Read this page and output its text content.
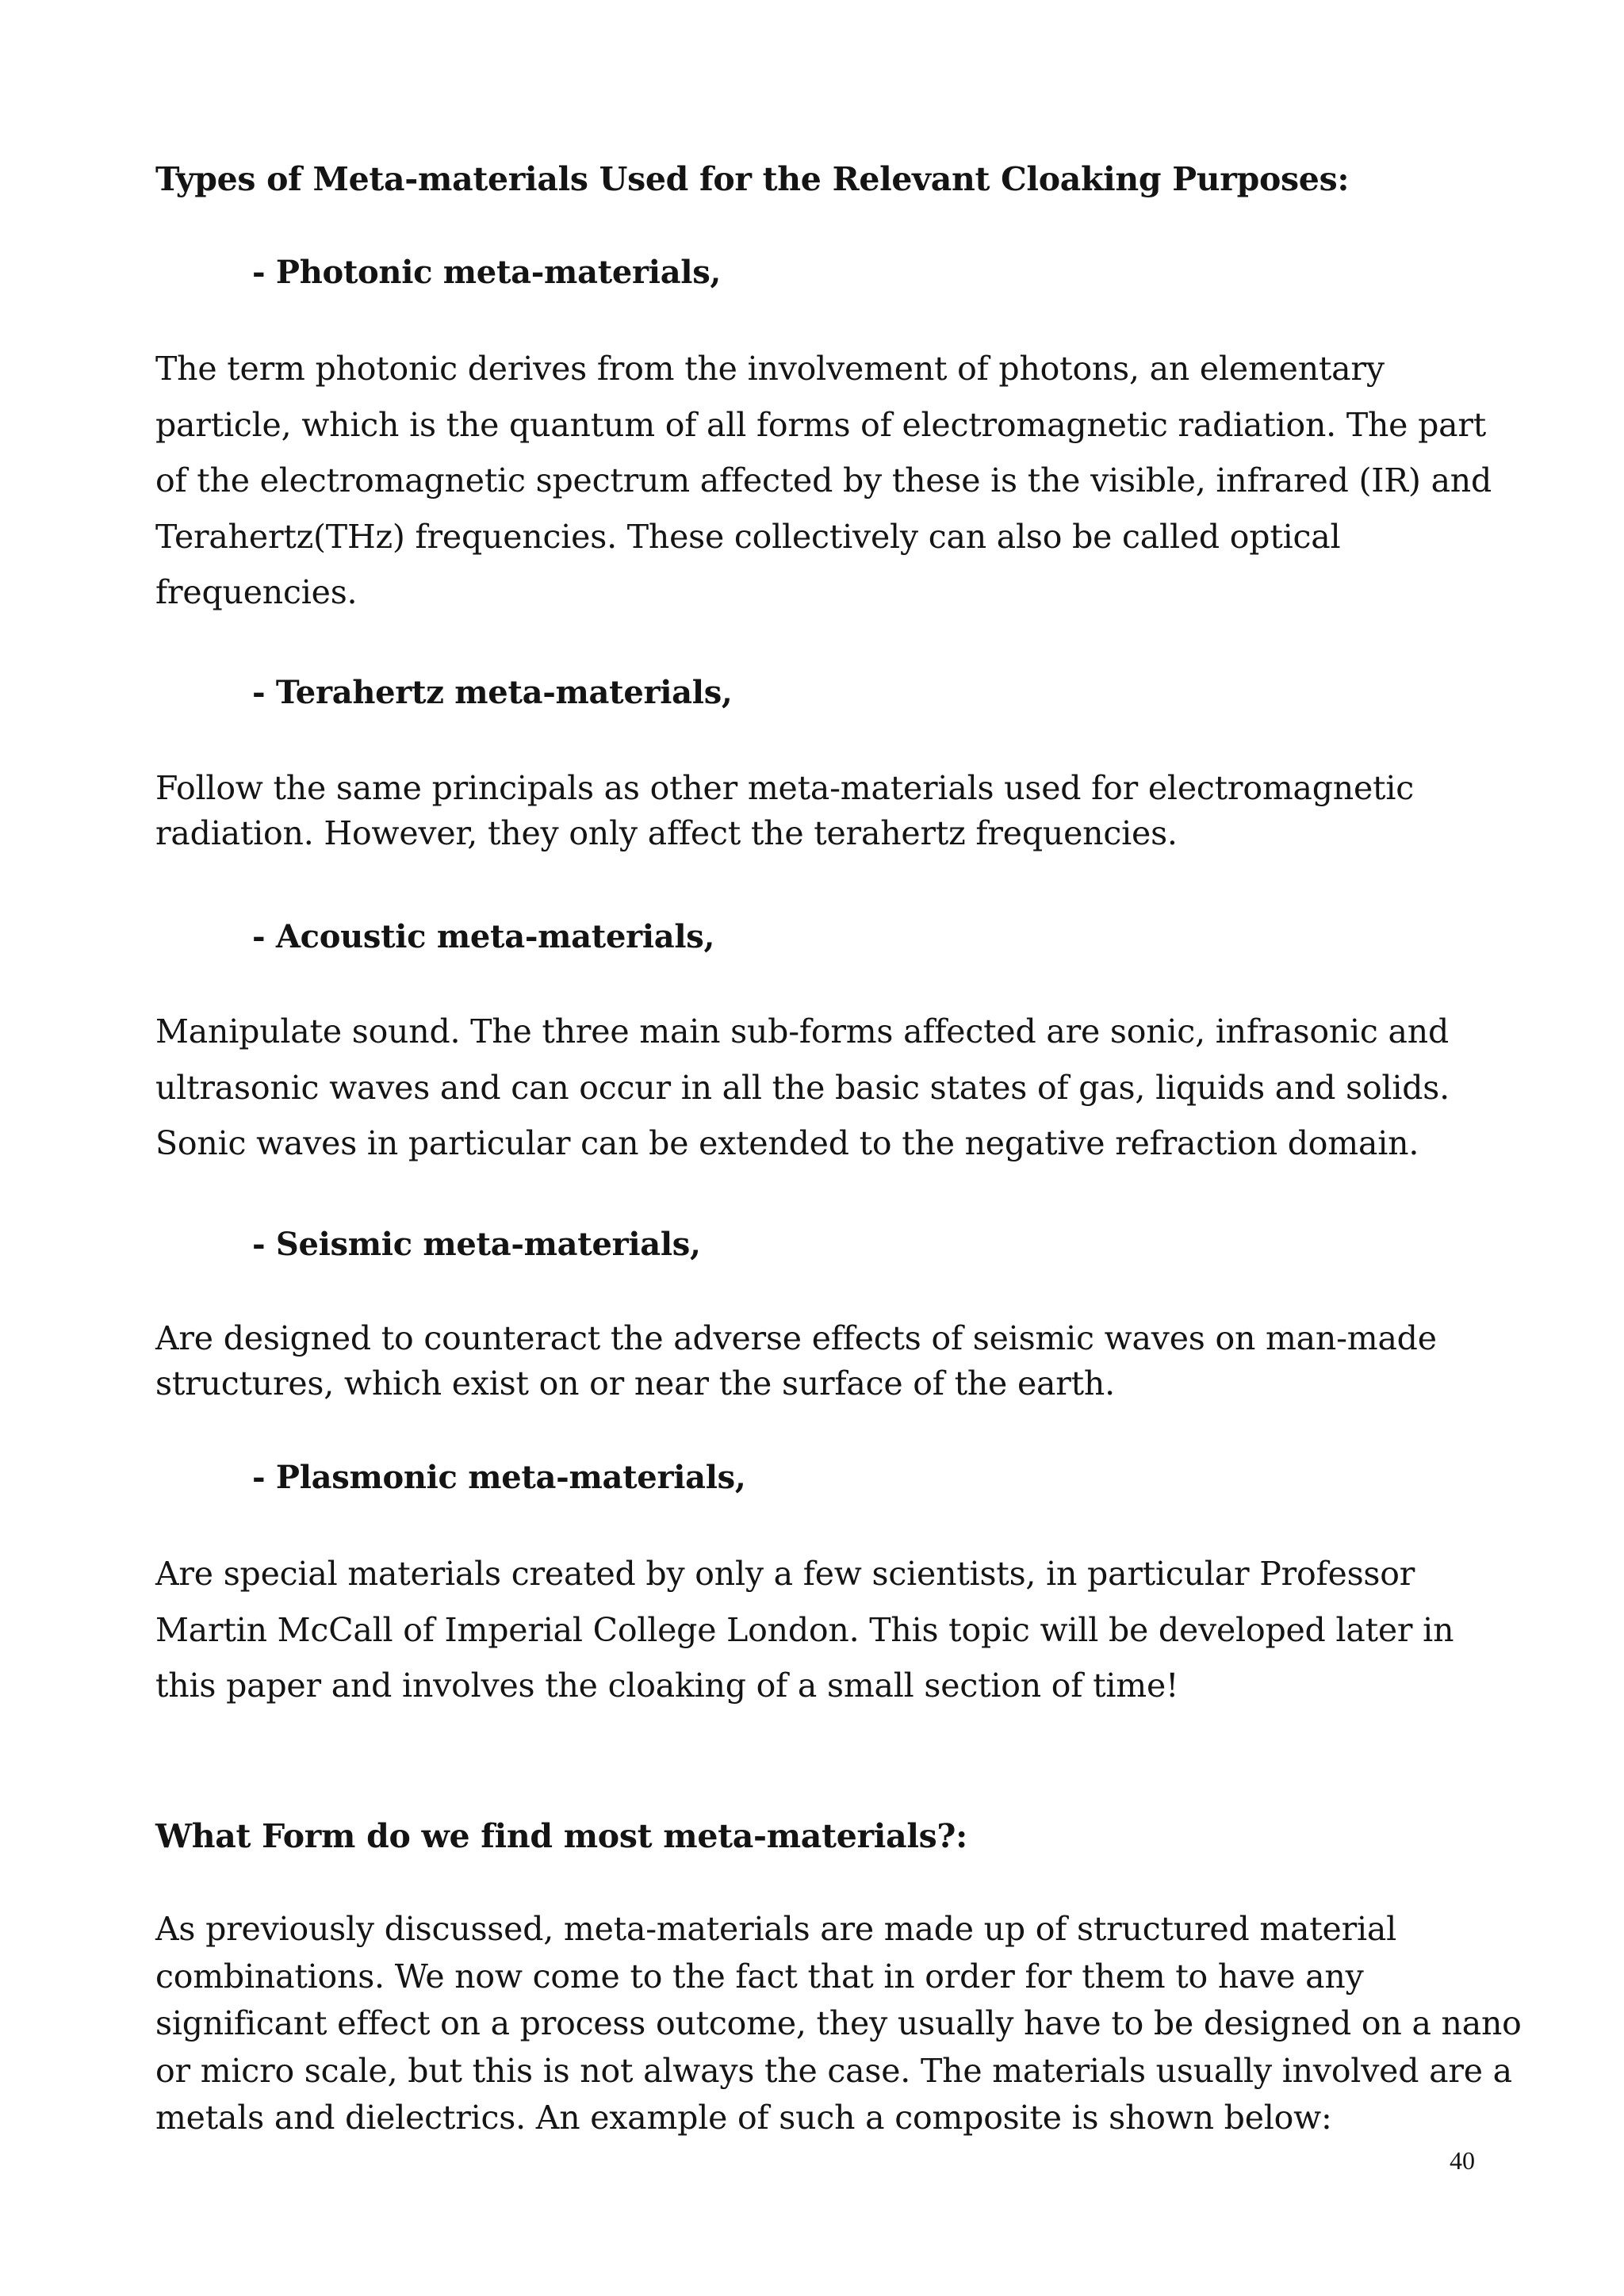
Types of Meta-materials Used for the Relevant Cloaking Purposes:
- Photonic meta-materials,
The term photonic derives from the involvement of photons, an elementary
particle, which is the quantum of all forms of electromagnetic radiation. The part
of the electromagnetic spectrum affected by these is the visible, infrared (IR) and
Terahertz(THz) frequencies. These collectively can also be called optical
frequencies.
- Terahertz meta-materials,
Follow the same principals as other meta-materials used for electromagnetic
radiation. However, they only affect the terahertz frequencies.
- Acoustic meta-materials,
Manipulate sound. The three main sub-forms affected are sonic, infrasonic and
ultrasonic waves and can occur in all the basic states of gas, liquids and solids.
Sonic waves in particular can be extended to the negative refraction domain.
- Seismic meta-materials,
Are designed to counteract the adverse effects of seismic waves on man-made
structures, which exist on or near the surface of the earth.
- Plasmonic meta-materials,
Are special materials created by only a few scientists, in particular Professor
Martin McCall of Imperial College London. This topic will be developed later in
this paper and involves the cloaking of a small section of time!
What Form do we find most meta-materials?:
As previously discussed, meta-materials are made up of structured material
combinations. We now come to the fact that in order for them to have any
significant effect on a process outcome, they usually have to be designed on a nano
or micro scale, but this is not always the case. The materials usually involved are a
metals and dielectrics. An example of such a composite is shown below:
40
